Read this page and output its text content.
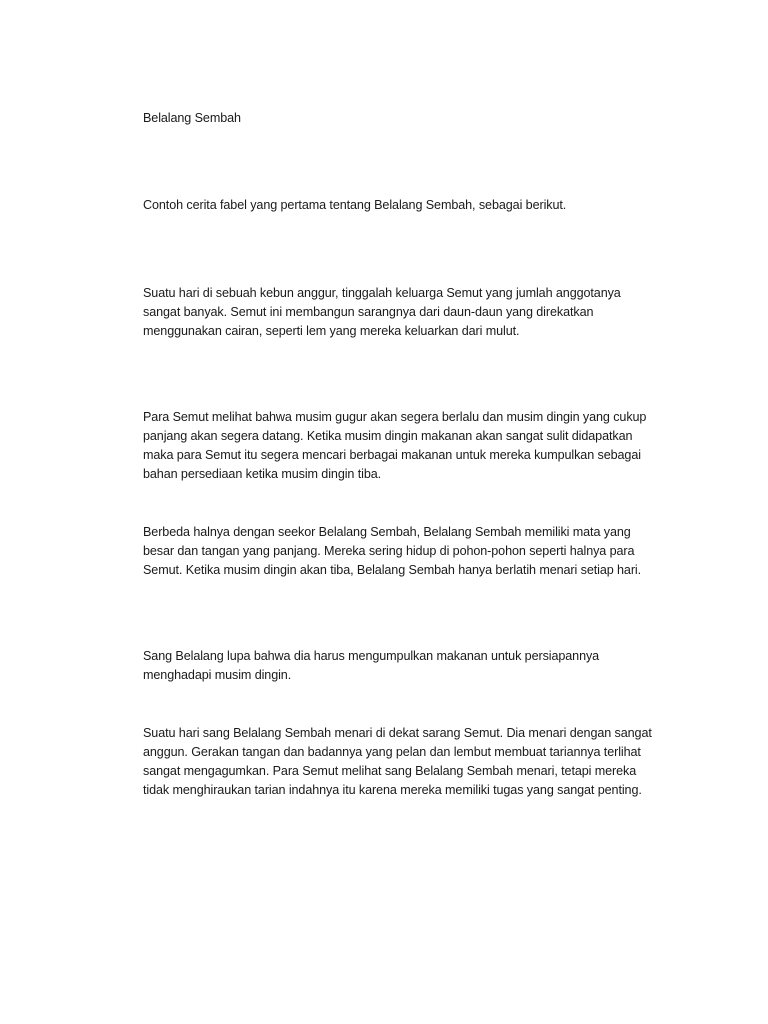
Belalang Sembah

Contoh cerita fabel yang pertama tentang Belalang Sembah, sebagai berikut.

Suatu hari di sebuah kebun anggur, tinggalah keluarga Semut yang jumlah anggotanya
sangat banyak. Semut ini membangun sarangnya dari daun-daun yang direkatkan
menggunakan cairan, seperti lem yang mereka keluarkan dari mulut.

Para Semut melihat bahwa musim gugur akan segera berlalu dan musim dingin yang cukup
panjang akan segera datang. Ketika musim dingin makanan akan sangat sulit didapatkan
maka para Semut itu segera mencari berbagai makanan untuk mereka kumpulkan sebagai
bahan persediaan ketika musim dingin tiba.

Berbeda halnya dengan seekor Belalang Sembah, Belalang Sembah memiliki mata yang
besar dan tangan yang panjang. Mereka sering hidup di pohon-pohon seperti halnya para
Semut. Ketika musim dingin akan tiba, Belalang Sembah hanya berlatih menari setiap hari.

Sang Belalang lupa bahwa dia harus mengumpulkan makanan untuk persiapannya
menghadapi musim dingin.

Suatu hari sang Belalang Sembah menari di dekat sarang Semut. Dia menari dengan sangat
anggun. Gerakan tangan dan badannya yang pelan dan lembut membuat tariannya terlihat
sangat mengagumkan. Para Semut melihat sang Belalang Sembah menari, tetapi mereka
tidak menghiraukan tarian indahnya itu karena mereka memiliki tugas yang sangat penting.
